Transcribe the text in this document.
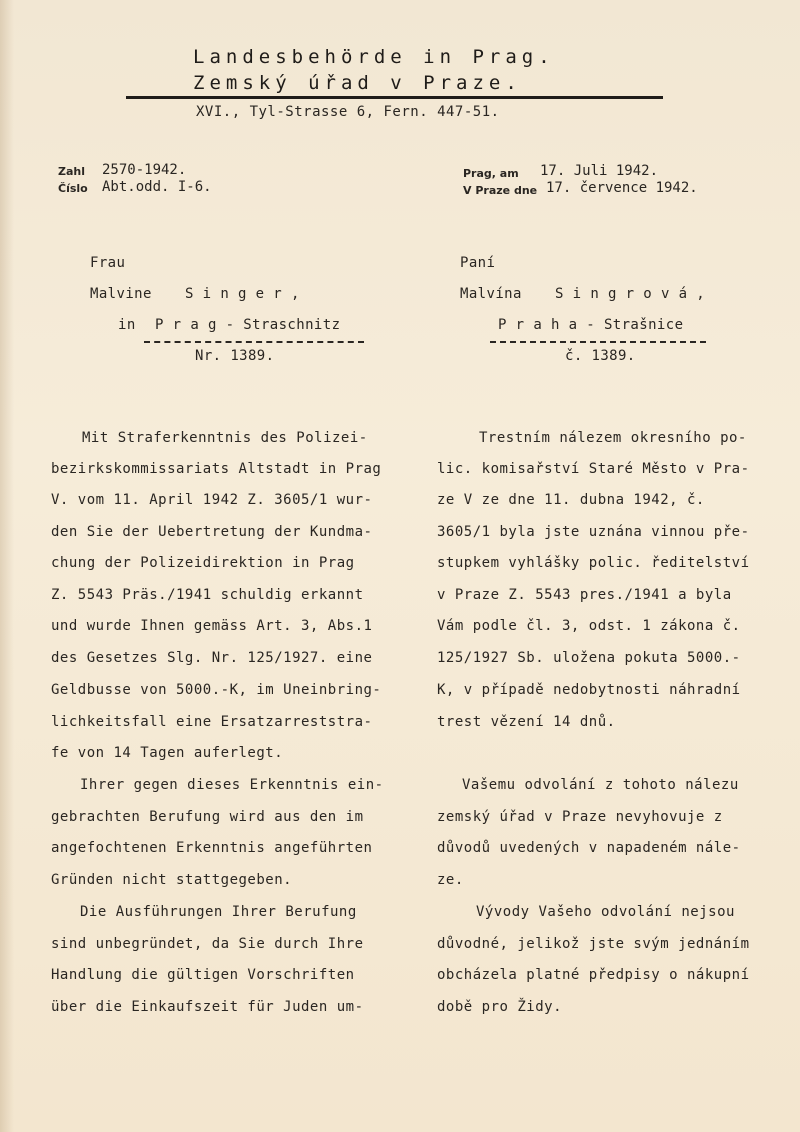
Landesbehörde in Prag.
Zemský úřad v Praze.
XVI., Tyl-Strasse 6, Fern. 447-51.
Zahl 2570-1942.
Číslo Abt.odd. I-6.
Prag, am 17. Juli 1942.
V Praze dne 17. července 1942.
Frau
Malvine S i n g e r ,
in P r a g - Straschnitz
Nr. 1389.
Paní
Malvína S i n g r o v á ,
P r a h a - Strašnice
č. 1389.
Mit Straferkenntnis des Polizei-
bezirkskommissariats Altstadt in Prag
V. vom 11. April 1942 Z. 3605/1 wur-
den Sie der Uebertretung der Kundma-
chung der Polizeidirektion in Prag
Z. 5543 Präs./1941 schuldig erkannt
und wurde Ihnen gemäss Art. 3, Abs.1
des Gesetzes Slg. Nr. 125/1927. eine
Geldbusse von 5000.-K, im Uneinbring-
lichkeitsfall eine Ersatzarreststra-
fe von 14 Tagen auferlegt.
Ihrer gegen dieses Erkenntnis ein-
gebrachten Berufung wird aus den im
angefochtenen Erkenntnis angeführten
Gründen nicht stattgegeben.
Die Ausführungen Ihrer Berufung
sind unbegründet, da Sie durch Ihre
Handlung die gültigen Vorschriften
über die Einkaufszeit für Juden um-
Trestním nálezem okresního po-
lic. komisařství Staré Město v Pra-
ze V ze dne 11. dubna 1942, č.
3605/1 byla jste uznána vinnou pře-
stupkem vyhlášky polic. ředitelství
v Praze Z. 5543 pres./1941 a byla
Vám podle čl. 3, odst. 1 zákona č.
125/1927 Sb. uložena pokuta 5000.-
K, v případě nedobytnosti náhradní
trest vězení 14 dnů.
Vašemu odvolání z tohoto nálezu
zemský úřad v Praze nevyhovuje z
důvodů uvedených v napadeném nále-
ze.
Vývody Vašeho odvolání nejsou
důvodné, jelikož jste svým jednáním
obcházela platné předpisy o nákupní
době pro Židy.
